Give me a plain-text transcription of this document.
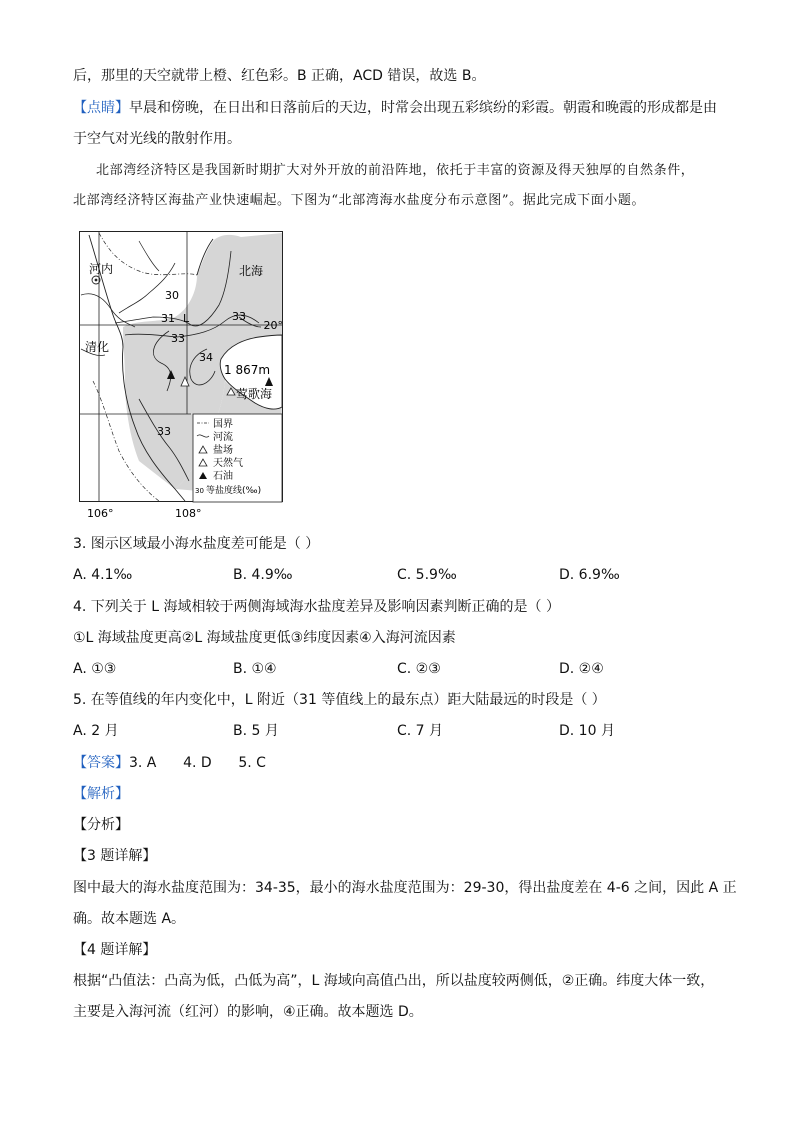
后，那里的天空就带上橙、红色彩。B 正确，ACD 错误，故选 B。
【点睛】早晨和傍晚，在日出和日落前后的天边，时常会出现五彩缤纷的彩霞。朝霞和晚霞的形成都是由
于空气对光线的散射作用。
北部湾经济特区是我国新时期扩大对外开放的前沿阵地，依托于丰富的资源及得天独厚的自然条件，
北部湾经济特区海盐产业快速崛起。下图为“北部湾海水盐度分布示意图”。据此完成下面小题。
河内	北海
清化
莺歌海
1 867m
30
31 L
33
33
34
33
20°
106°	108°
国界
河流
盐场
天然气
石油
30 等盐度线(‰)
3. 图示区域最小海水盐度差可能是（ ）
A. 4.1‰	B. 4.9‰	C. 5.9‰	D. 6.9‰
4. 下列关于 L 海域相较于两侧海域海水盐度差异及影响因素判断正确的是（ ）
①L 海域盐度更高②L 海域盐度更低③纬度因素④入海河流因素
A. ①③	B. ①④	C. ②③	D. ②④
5. 在等值线的年内变化中，L 附近（31 等值线上的最东点）距大陆最远的时段是（ ）
A. 2 月	B. 5 月	C. 7 月	D. 10 月
【答案】3. A      4. D      5. C
【解析】
【分析】
【3 题详解】
图中最大的海水盐度范围为：34-35，最小的海水盐度范围为：29-30，得出盐度差在 4-6 之间，因此 A 正
确。故本题选 A。
【4 题详解】
根据“凸值法：凸高为低，凸低为高”，L 海域向高值凸出，所以盐度较两侧低，②正确。纬度大体一致，
主要是入海河流（红河）的影响，④正确。故本题选 D。
